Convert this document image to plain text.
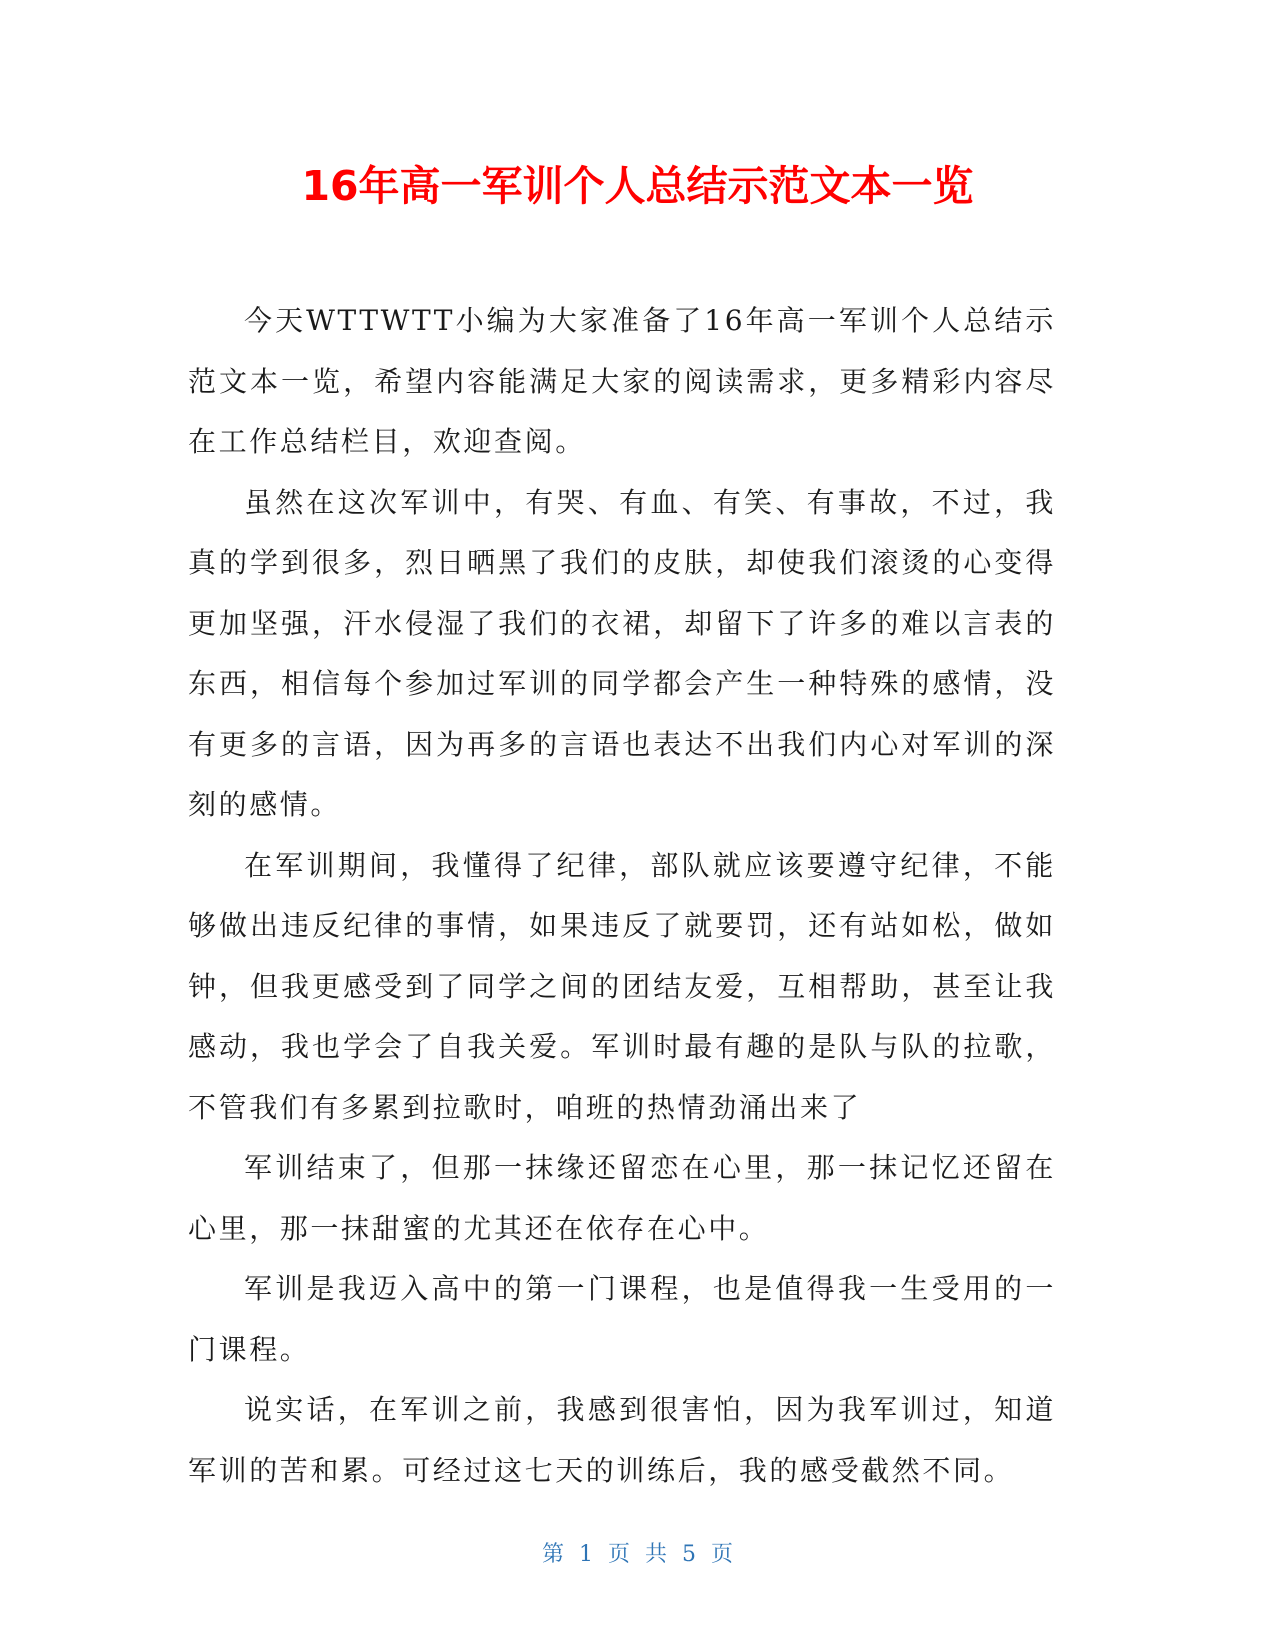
16年高一军训个人总结示范文本一览

今天WTTWTT小编为大家准备了16年高一军训个人总结示范文本一览，希望内容能满足大家的阅读需求，更多精彩内容尽在工作总结栏目，欢迎查阅。

虽然在这次军训中，有哭、有血、有笑、有事故，不过，我真的学到很多，烈日晒黑了我们的皮肤，却使我们滚烫的心变得更加坚强，汗水侵湿了我们的衣裙，却留下了许多的难以言表的东西，相信每个参加过军训的同学都会产生一种特殊的感情，没有更多的言语，因为再多的言语也表达不出我们内心对军训的深刻的感情。

在军训期间，我懂得了纪律，部队就应该要遵守纪律，不能够做出违反纪律的事情，如果违反了就要罚，还有站如松，做如钟，但我更感受到了同学之间的团结友爱，互相帮助，甚至让我感动，我也学会了自我关爱。军训时最有趣的是队与队的拉歌，不管我们有多累到拉歌时，咱班的热情劲涌出来了

军训结束了，但那一抹缘还留恋在心里，那一抹记忆还留在心里，那一抹甜蜜的尤其还在依存在心中。

军训是我迈入高中的第一门课程，也是值得我一生受用的一门课程。

说实话，在军训之前，我感到很害怕，因为我军训过，知道军训的苦和累。可经过这七天的训练后，我的感受截然不同。

第 1 页 共 5 页
